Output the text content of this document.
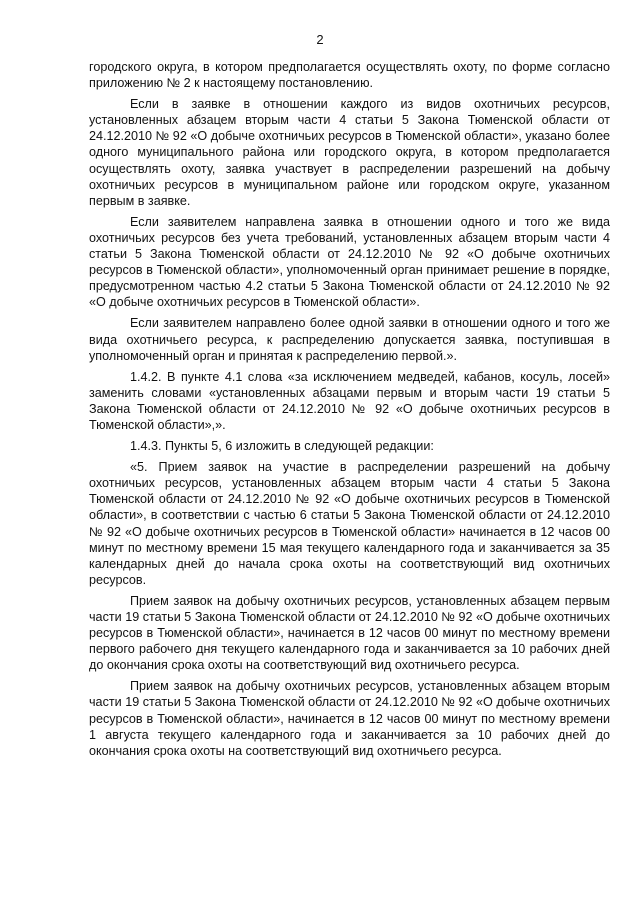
2

городского округа, в котором предполагается осуществлять охоту, по форме согласно приложению № 2 к настоящему постановлению.

Если в заявке в отношении каждого из видов охотничьих ресурсов, установленных абзацем вторым части 4 статьи 5 Закона Тюменской области от 24.12.2010 № 92 «О добыче охотничьих ресурсов в Тюменской области», указано более одного муниципального района или городского округа, в котором предполагается осуществлять охоту, заявка участвует в распределении разрешений на добычу охотничьих ресурсов в муниципальном районе или городском округе, указанном первым в заявке.

Если заявителем направлена заявка в отношении одного и того же вида охотничьих ресурсов без учета требований, установленных абзацем вторым части 4 статьи 5 Закона Тюменской области от 24.12.2010 № 92 «О добыче охотничьих ресурсов в Тюменской области», уполномоченный орган принимает решение в порядке, предусмотренном частью 4.2 статьи 5 Закона Тюменской области от 24.12.2010 № 92 «О добыче охотничьих ресурсов в Тюменской области».

Если заявителем направлено более одной заявки в отношении одного и того же вида охотничьего ресурса, к распределению допускается заявка, поступившая в уполномоченный орган и принятая к распределению первой.».

1.4.2. В пункте 4.1 слова «за исключением медведей, кабанов, косуль, лосей» заменить словами «установленных абзацами первым и вторым части 19 статьи 5 Закона Тюменской области от 24.12.2010 № 92 «О добыче охотничьих ресурсов в Тюменской области»,».

1.4.3. Пункты 5, 6 изложить в следующей редакции:

«5. Прием заявок на участие в распределении разрешений на добычу охотничьих ресурсов, установленных абзацем вторым части 4 статьи 5 Закона Тюменской области от 24.12.2010 № 92 «О добыче охотничьих ресурсов в Тюменской области», в соответствии с частью 6 статьи 5 Закона Тюменской области от 24.12.2010 № 92 «О добыче охотничьих ресурсов в Тюменской области» начинается в 12 часов 00 минут по местному времени 15 мая текущего календарного года и заканчивается за 35 календарных дней до начала срока охоты на соответствующий вид охотничьих ресурсов.

Прием заявок на добычу охотничьих ресурсов, установленных абзацем первым части 19 статьи 5 Закона Тюменской области от 24.12.2010 № 92 «О добыче охотничьих ресурсов в Тюменской области», начинается в 12 часов 00 минут по местному времени первого рабочего дня текущего календарного года и заканчивается за 10 рабочих дней до окончания срока охоты на соответствующий вид охотничьего ресурса.

Прием заявок на добычу охотничьих ресурсов, установленных абзацем вторым части 19 статьи 5 Закона Тюменской области от 24.12.2010 № 92 «О добыче охотничьих ресурсов в Тюменской области», начинается в 12 часов 00 минут по местному времени 1 августа текущего календарного года и заканчивается за 10 рабочих дней до окончания срока охоты на соответствующий вид охотничьего ресурса.
